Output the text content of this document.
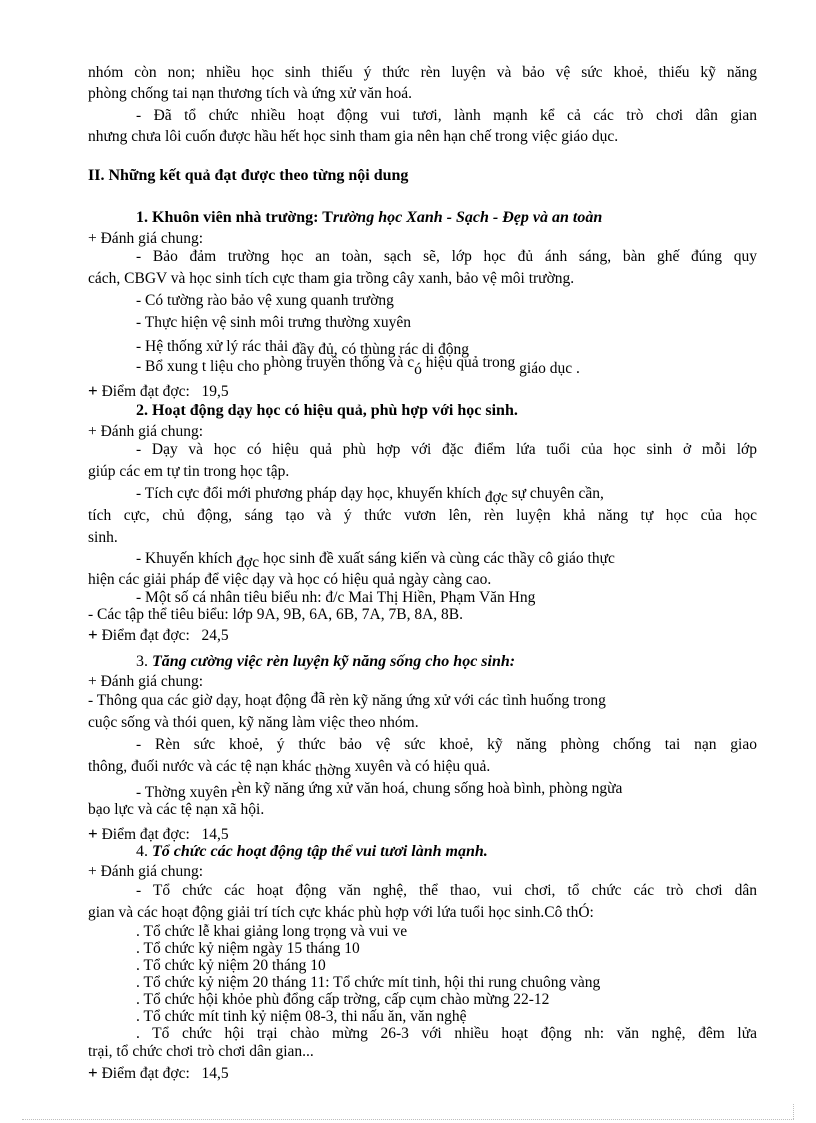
nhóm còn non; nhiều học sinh thiếu ý thức rèn luyện và bảo vệ sức khoẻ, thiếu kỹ năng
phòng chống tai nạn thương tích và ứng xử văn hoá.
- Đã tổ chức nhiều hoạt động vui tươi, lành mạnh kể cả các trò chơi dân gian
nhưng chưa lôi cuốn được hầu hết học sinh tham gia nên hạn chế trong việc giáo dục.
II. Những kết quả đạt được theo từng nội dung
1. Khuôn viên nhà trường: Trường học Xanh - Sạch - Đẹp và an toàn
+ Đánh giá chung:
- Bảo đảm trường học an toàn, sạch sẽ, lớp học đủ ánh sáng, bàn ghế đúng quy
cách, CBGV và học sinh tích cực tham gia trồng cây xanh, bảo vệ môi trường.
- Có tường rào bảo vệ xung quanh trường
- Thực hiện vệ sinh môi trưng thường xuyên
- Hệ thống xử lý rác thải đầy đủ, có thùng rác di động
- Bổ xung t liệu cho phòng truyền thống và có hiệu quả trong giáo dục .
+ Điểm đạt đợc: 19,5
2. Hoạt động dạy học có hiệu quả, phù hợp với học sinh.
+ Đánh giá chung:
- Dạy và học có hiệu quả phù hợp với đặc điểm lứa tuổi của học sinh ở mỗi lớp
giúp các em tự tin trong học tập.
- Tích cực đổi mới phương pháp dạy học, khuyến khích đợc sự chuyên cần,
tích cực, chủ động, sáng tạo và ý thức vươn lên, rèn luyện khả năng tự học của học
sinh.
- Khuyến khích đợc học sinh đề xuất sáng kiến và cùng các thầy cô giáo thực
hiện các giải pháp để việc dạy và học có hiệu quả ngày càng cao.
- Một số cá nhân tiêu biểu nh: đ/c Mai Thị Hiền, Phạm Văn Hng
- Các tập thể tiêu biểu: lớp 9A, 9B, 6A, 6B, 7A, 7B, 8A, 8B.
+ Điểm đạt đợc: 24,5
3. Tăng cường việc rèn luyện kỹ năng sống cho học sinh:
+ Đánh giá chung:
- Thông qua các giờ dạy, hoạt động đã rèn kỹ năng ứng xử với các tình huống trong
cuộc sống và thói quen, kỹ năng làm việc theo nhóm.
- Rèn sức khoẻ, ý thức bảo vệ sức khoẻ, kỹ năng phòng chống tai nạn giao
thông, đuối nước và các tệ nạn khác thờng xuyên và có hiệu quả.
- Thờng xuyên rèn kỹ năng ứng xử văn hoá, chung sống hoà bình, phòng ngừa
bạo lực và các tệ nạn xã hội.
+ Điểm đạt đợc: 14,5
4. Tổ chức các hoạt động tập thể vui tươi lành mạnh.
+ Đánh giá chung:
- Tổ chức các hoạt động văn nghệ, thể thao, vui chơi, tổ chức các trò chơi dân
gian và các hoạt động giải trí tích cực khác phù hợp với lứa tuổi học sinh.Cô thÓ:
. Tổ chức lễ khai giảng long trọng và vui ve
. Tổ chức kỷ niệm ngày 15 tháng 10
. Tổ chức kỷ niệm 20 tháng 10
. Tổ chức kỷ niệm 20 tháng 11: Tổ chức mít tinh, hội thi rung chuông vàng
. Tổ chức hội khỏe phù đổng cấp trờng, cấp cụm chào mừng 22-12
. Tổ chức mít tinh kỷ niệm 08-3, thi nấu ăn, văn nghệ
. Tổ chức hội trại chào mừng 26-3 với nhiều hoạt động nh: văn nghệ, đêm lửa
trại, tổ chức chơi trò chơi dân gian...
+ Điểm đạt đợc: 14,5
